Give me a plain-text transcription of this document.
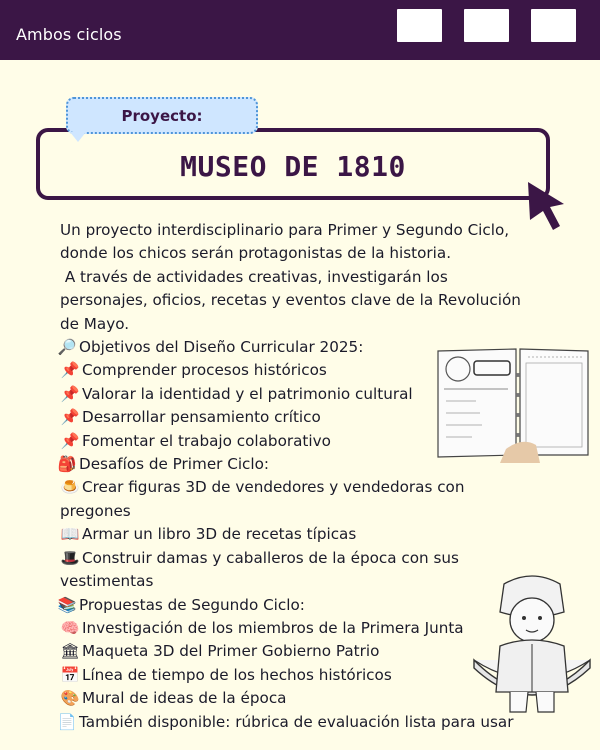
Ambos ciclos
MUSEO DE 1810
Proyecto:
Un proyecto interdisciplinario para Primer y Segundo Ciclo,
donde los chicos serán protagonistas de la historia.
A través de actividades creativas, investigarán los
personajes, oficios, recetas y eventos clave de la Revolución
de Mayo.
🔎 Objetivos del Diseño Curricular 2025:
📌 Comprender procesos históricos
📌 Valorar la identidad y el patrimonio cultural
📌 Desarrollar pensamiento crítico
📌 Fomentar el trabajo colaborativo
🎒 Desafíos de Primer Ciclo:
🍮 Crear figuras 3D de vendedores y vendedoras con pregones
📖 Armar un libro 3D de recetas típicas
🎩 Construir damas y caballeros de la época con sus vestimentas
📚 Propuestas de Segundo Ciclo:
🧠 Investigación de los miembros de la Primera Junta
🏛 Maqueta 3D del Primer Gobierno Patrio
📅 Línea de tiempo de los hechos históricos
🎨 Mural de ideas de la época
📄 También disponible: rúbrica de evaluación lista para usar
